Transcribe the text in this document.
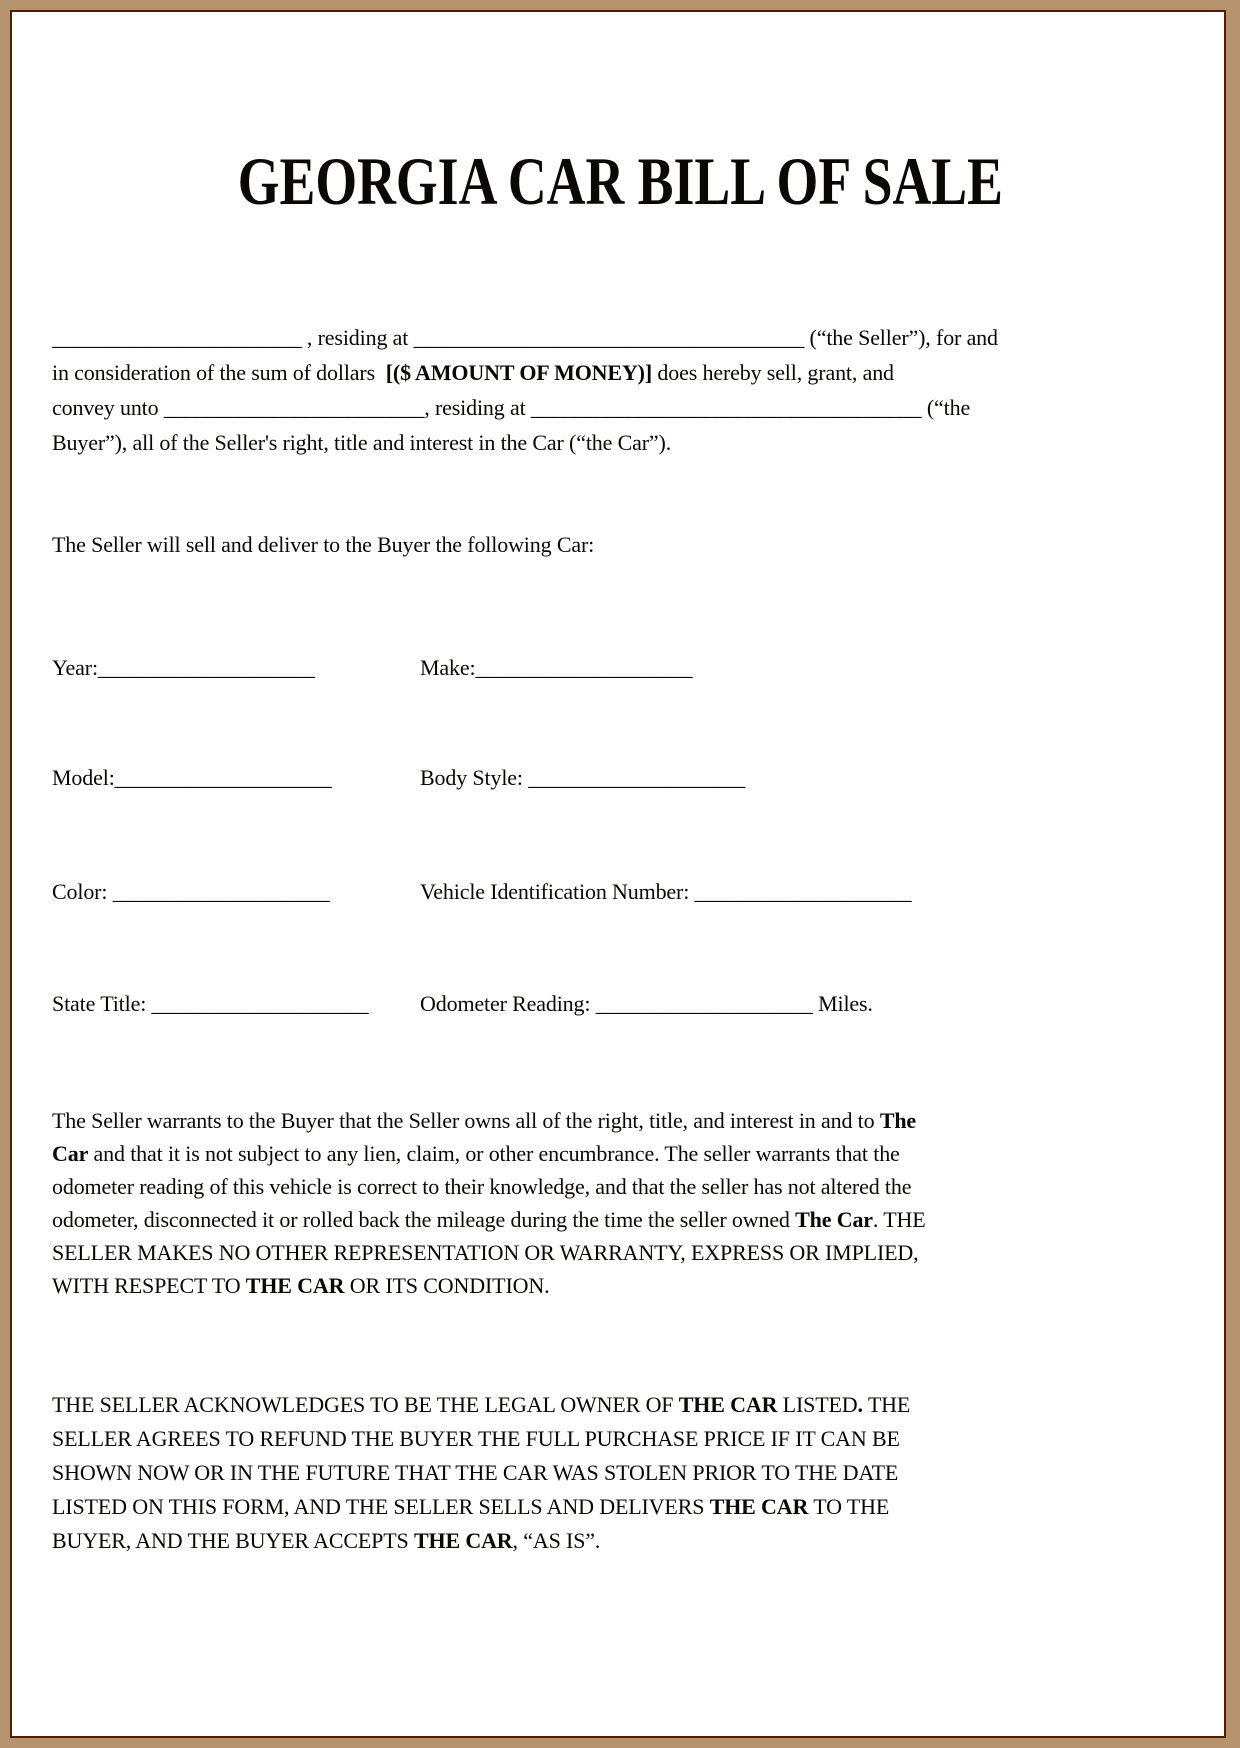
GEORGIA CAR BILL OF SALE
_______________________ , residing at ____________________________________ (“the Seller”), for and
in consideration of the sum of dollars  [($ AMOUNT OF MONEY)] does hereby sell, grant, and
convey unto ________________________, residing at ____________________________________ (“the
Buyer”), all of the Seller's right, title and interest in the Car (“the Car”).
The Seller will sell and deliver to the Buyer the following Car:
Year:____________________	Make:____________________
Model:____________________	Body Style: ____________________
Color: ____________________	Vehicle Identification Number: ____________________
State Title: ____________________	Odometer Reading: ____________________ Miles.
The Seller warrants to the Buyer that the Seller owns all of the right, title, and interest in and to The
Car and that it is not subject to any lien, claim, or other encumbrance. The seller warrants that the
odometer reading of this vehicle is correct to their knowledge, and that the seller has not altered the
odometer, disconnected it or rolled back the mileage during the time the seller owned The Car. THE
SELLER MAKES NO OTHER REPRESENTATION OR WARRANTY, EXPRESS OR IMPLIED,
WITH RESPECT TO THE CAR OR ITS CONDITION.
THE SELLER ACKNOWLEDGES TO BE THE LEGAL OWNER OF THE CAR LISTED. THE
SELLER AGREES TO REFUND THE BUYER THE FULL PURCHASE PRICE IF IT CAN BE
SHOWN NOW OR IN THE FUTURE THAT THE CAR WAS STOLEN PRIOR TO THE DATE
LISTED ON THIS FORM, AND THE SELLER SELLS AND DELIVERS THE CAR TO THE
BUYER, AND THE BUYER ACCEPTS THE CAR, “AS IS”.
